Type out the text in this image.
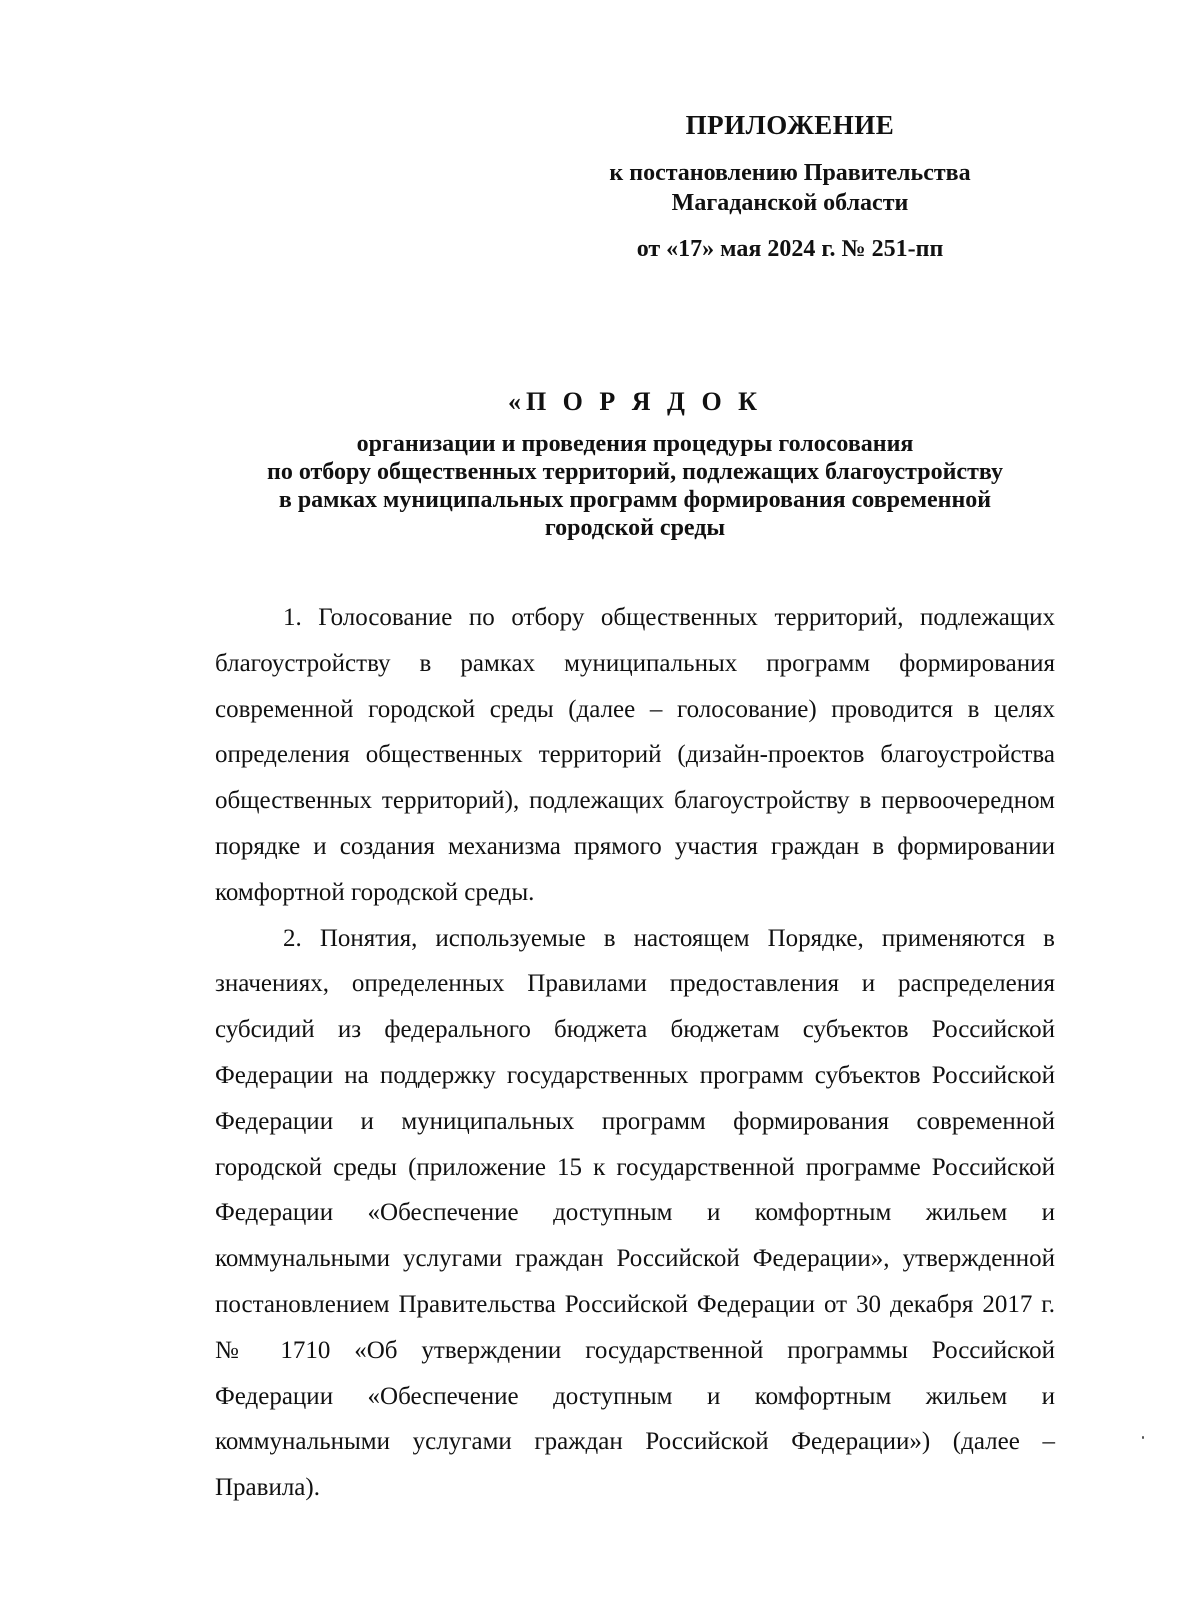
ПРИЛОЖЕНИЕ
к постановлению Правительства
Магаданской области
от «17» мая 2024 г. № 251-пп
«П О Р Я Д О К
организации и проведения процедуры голосования
по отбору общественных территорий, подлежащих благоустройству
в рамках муниципальных программ формирования современной
городской среды

1. Голосование по отбору общественных территорий, подлежащих благоустройству в рамках муниципальных программ формирования современной городской среды (далее – голосование) проводится в целях определения общественных территорий (дизайн-проектов благоустройства общественных территорий), подлежащих благоустройству в первоочередном порядке и создания механизма прямого участия граждан в формировании комфортной городской среды.

2. Понятия, используемые в настоящем Порядке, применяются в значениях, определенных Правилами предоставления и распределения субсидий из федерального бюджета бюджетам субъектов Российской Федерации на поддержку государственных программ субъектов Российской Федерации и муниципальных программ формирования современной городской среды (приложение 15 к государственной программе Российской Федерации «Обеспечение доступным и комфортным жильем и коммунальными услугами граждан Российской Федерации», утвержденной постановлением Правительства Российской Федерации от 30 декабря 2017 г. № 1710 «Об утверждении государственной программы Российской Федерации «Обеспечение доступным и комфортным жильем и коммунальными услугами граждан Российской Федерации») (далее – Правила).
